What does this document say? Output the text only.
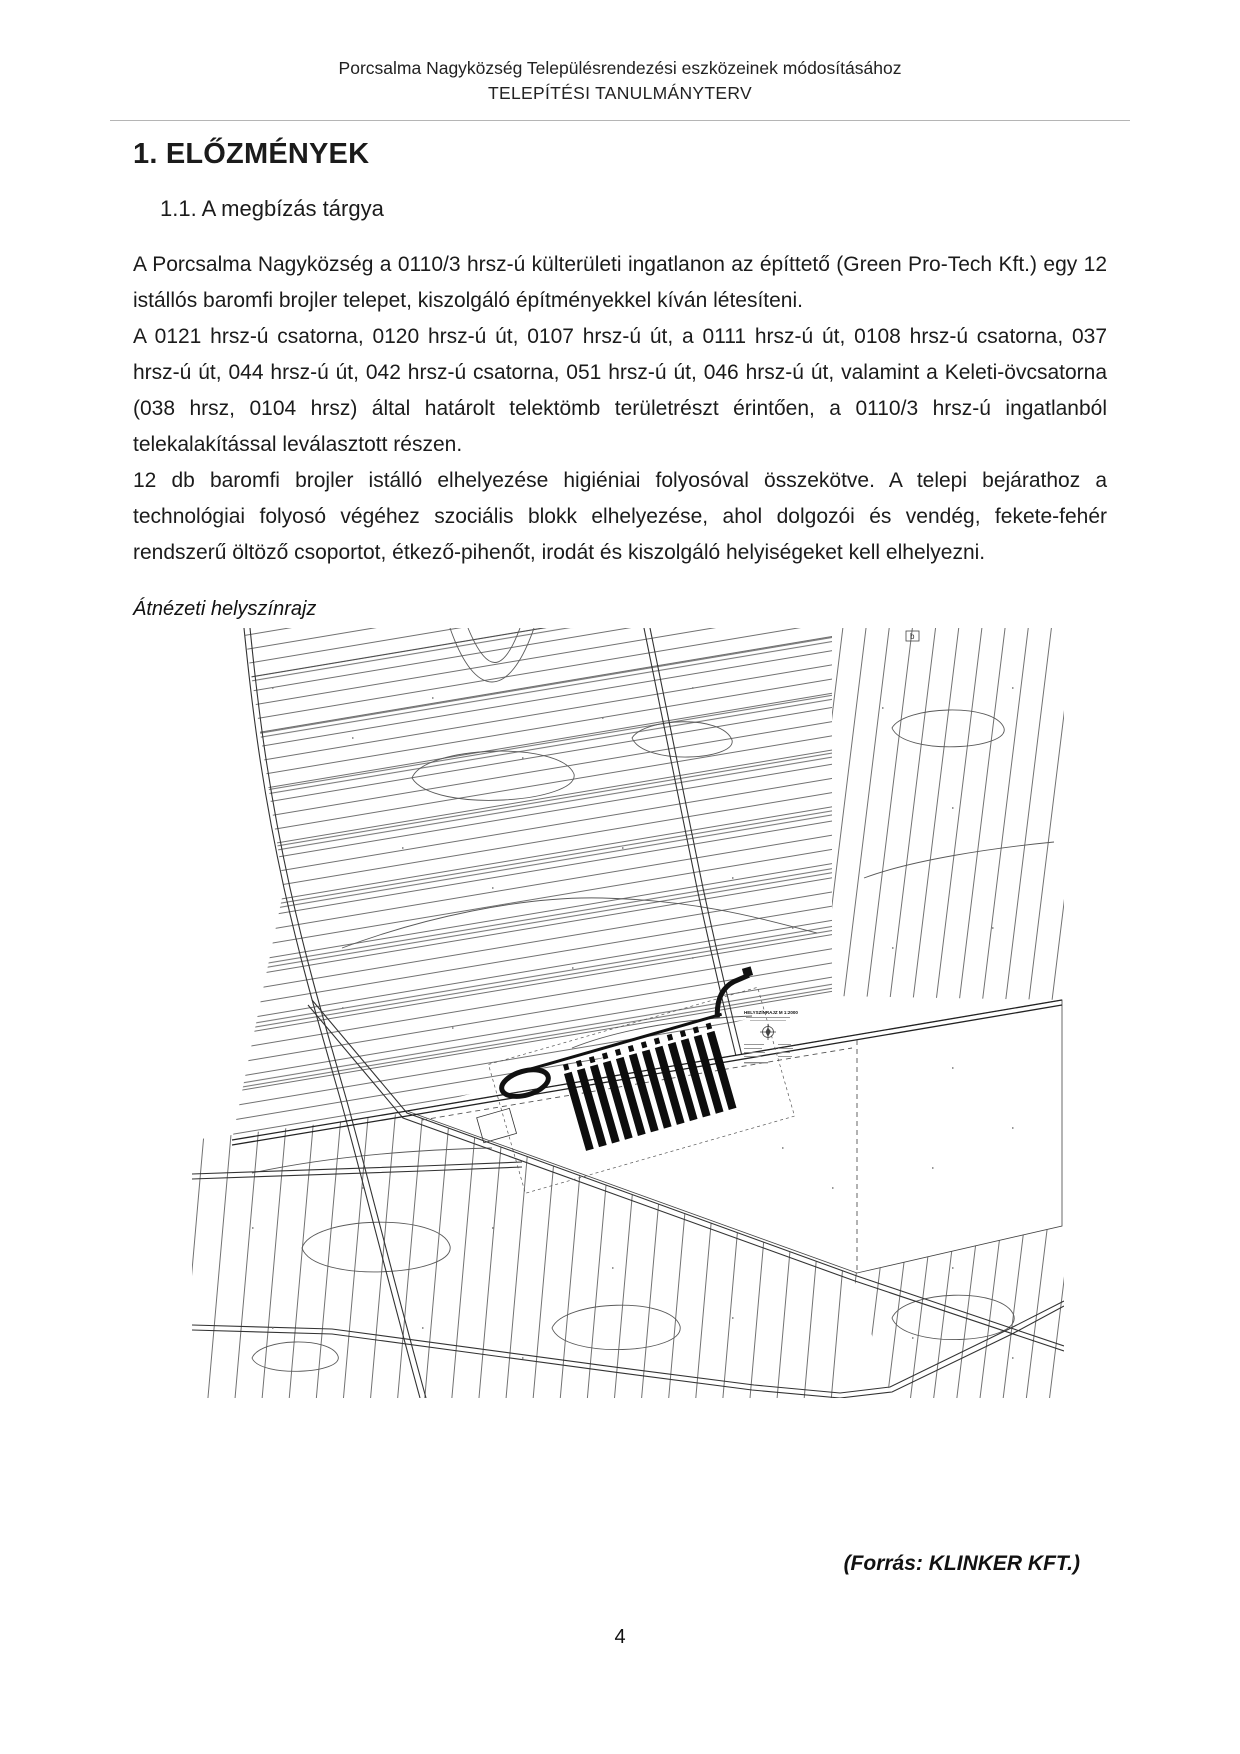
Porcsalma Nagyközség Településrendezési eszközeinek módosításához
TELEPÍTÉSI TANULMÁNYTERV
1. ELŐZMÉNYEK
1.1. A megbízás tárgya

A Porcsalma Nagyközség a 0110/3 hrsz-ú külterületi ingatlanon az építtető (Green Pro-Tech Kft.) egy 12 istállós baromfi brojler telepet, kiszolgáló építményekkel kíván létesíteni.

A 0121 hrsz-ú csatorna, 0120 hrsz-ú út, 0107 hrsz-ú út, a 0111 hrsz-ú út, 0108 hrsz-ú csatorna, 037 hrsz-ú út, 044 hrsz-ú út, 042 hrsz-ú csatorna, 051 hrsz-ú út, 046 hrsz-ú út, valamint a Keleti-övcsatorna (038 hrsz, 0104 hrsz) által határolt telektömb területrészt érintően, a 0110/3 hrsz-ú ingatlanból telekalakítással leválasztott részen.

12 db baromfi brojler istálló elhelyezése higiéniai folyosóval összekötve. A telepi bejárathoz a technológiai folyosó végéhez szociális blokk elhelyezése, ahol dolgozói és vendég, fekete-fehér rendszerű öltöző csoportot, étkező-pihenőt, irodát és kiszolgáló helyiségeket kell elhelyezni.

Átnézeti helyszínrajz
HELYSZÍNRAJZ M 1:2000
b
(Forrás: KLINKER KFT.)
4
